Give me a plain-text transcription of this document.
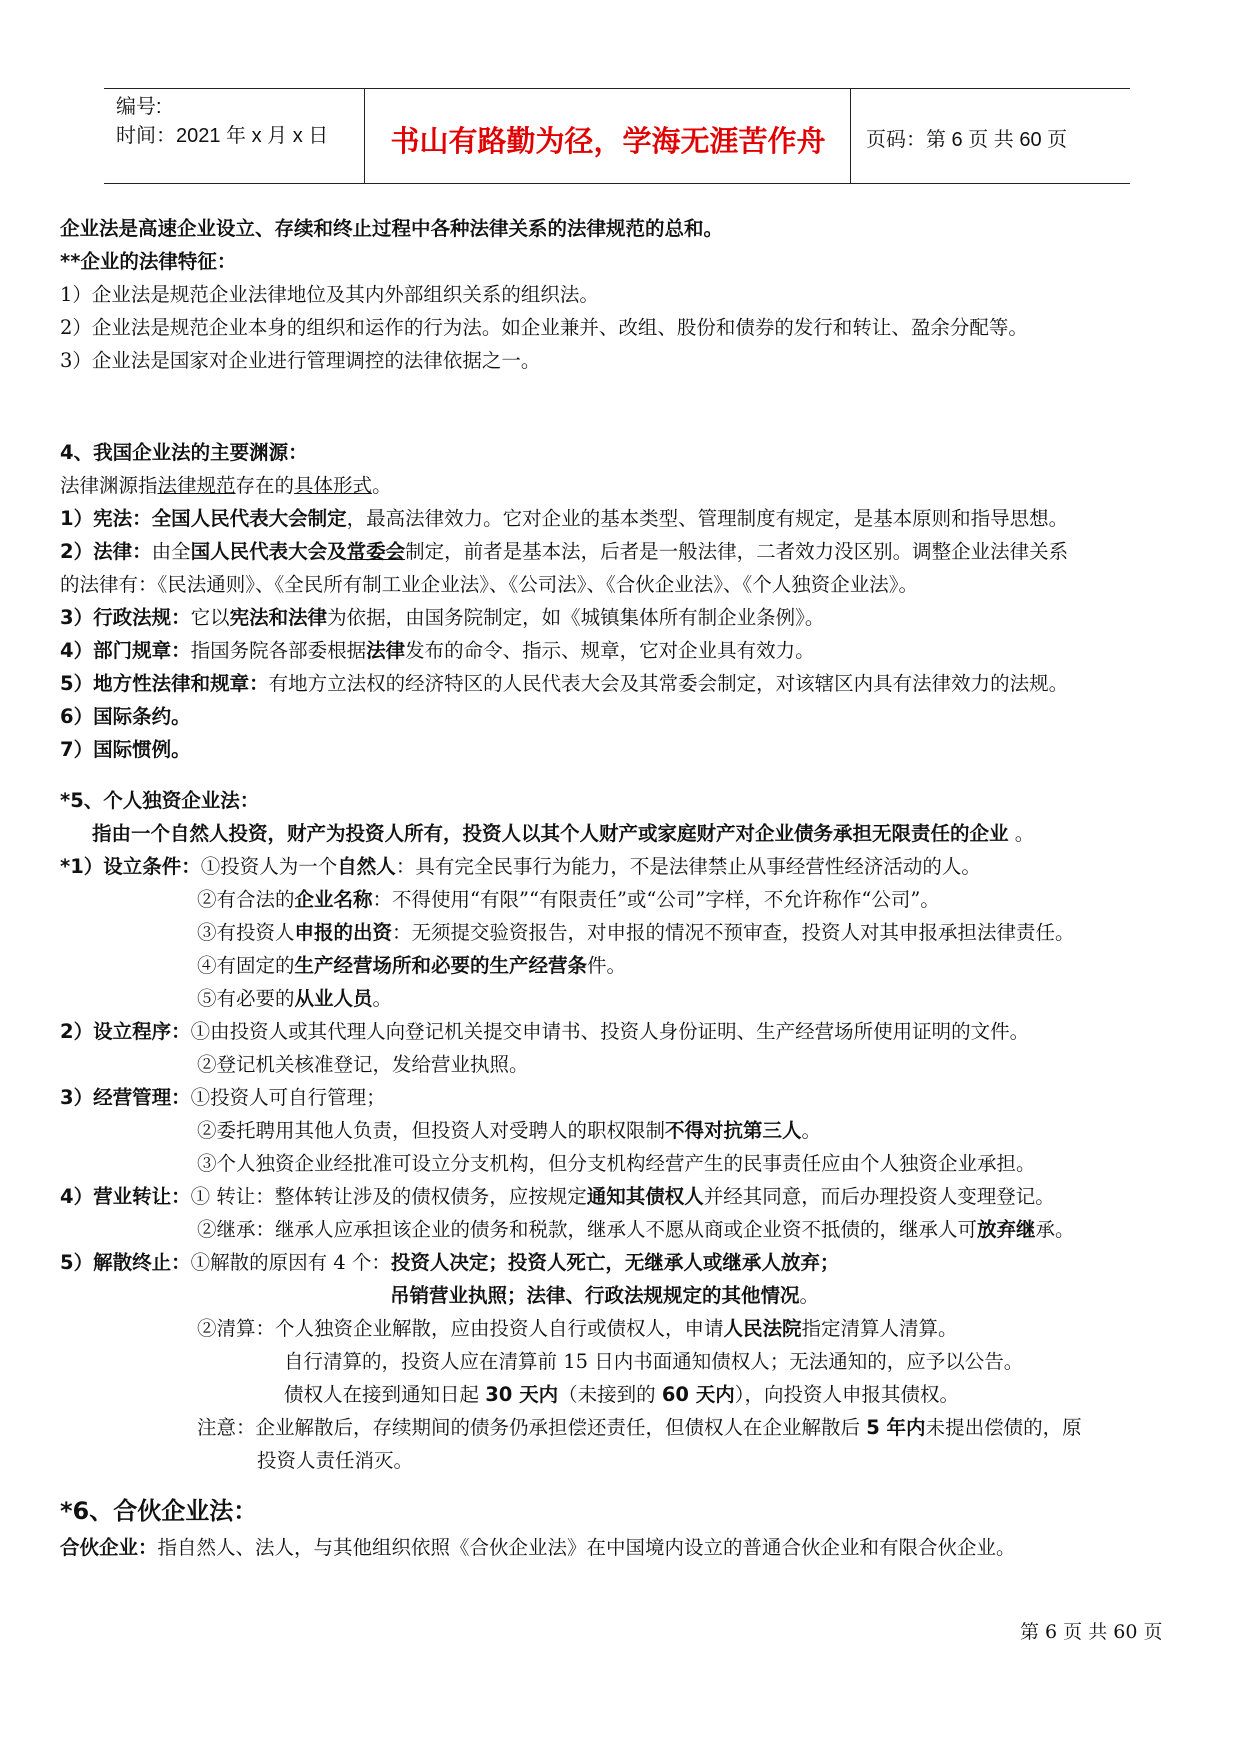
编号:
时间：2021 年 x 月 x 日	书山有路勤为径，学海无涯苦作舟	页码：第 6 页 共 60 页
企业法是高速企业设立、存续和终止过程中各种法律关系的法律规范的总和。
**企业的法律特征：
1）企业法是规范企业法律地位及其内外部组织关系的组织法。
2）企业法是规范企业本身的组织和运作的行为法。如企业兼并、改组、股份和债券的发行和转让、盈余分配等。
3）企业法是国家对企业进行管理调控的法律依据之一。
4、我国企业法的主要渊源：
法律渊源指法律规范存在的具体形式。
1）宪法：全国人民代表大会制定，最高法律效力。它对企业的基本类型、管理制度有规定，是基本原则和指导思想。
2）法律：由全国人民代表大会及常委会制定，前者是基本法，后者是一般法律，二者效力没区别。调整企业法律关系
的法律有：《民法通则》、《全民所有制工业企业法》、《公司法》、《合伙企业法》、《个人独资企业法》。
3）行政法规：它以宪法和法律为依据，由国务院制定，如《城镇集体所有制企业条例》。
4）部门规章：指国务院各部委根据法律发布的命令、指示、规章，它对企业具有效力。
5）地方性法律和规章：有地方立法权的经济特区的人民代表大会及其常委会制定，对该辖区内具有法律效力的法规。
6）国际条约。
7）国际惯例。
*5、个人独资企业法：
指由一个自然人投资，财产为投资人所有，投资人以其个人财产或家庭财产对企业债务承担无限责任的企业 。
*1）设立条件：①投资人为一个自然人：具有完全民事行为能力，不是法律禁止从事经营性经济活动的人。
②有合法的企业名称：不得使用“有限”“有限责任”或“公司”字样，不允许称作“公司”。
③有投资人申报的出资：无须提交验资报告，对申报的情况不预审查，投资人对其申报承担法律责任。
④有固定的生产经营场所和必要的生产经营条件。
⑤有必要的从业人员。
2）设立程序：①由投资人或其代理人向登记机关提交申请书、投资人身份证明、生产经营场所使用证明的文件。
②登记机关核准登记，发给营业执照。
3）经营管理：①投资人可自行管理；
②委托聘用其他人负责，但投资人对受聘人的职权限制不得对抗第三人。
③个人独资企业经批准可设立分支机构，但分支机构经营产生的民事责任应由个人独资企业承担。
4）营业转让：① 转让：整体转让涉及的债权债务，应按规定通知其债权人并经其同意，而后办理投资人变理登记。
②继承：继承人应承担该企业的债务和税款，继承人不愿从商或企业资不抵债的，继承人可放弃继承。
5）解散终止：①解散的原因有 4 个：投资人决定；投资人死亡，无继承人或继承人放弃；
吊销营业执照；法律、行政法规规定的其他情况。
②清算：个人独资企业解散，应由投资人自行或债权人，申请人民法院指定清算人清算。
自行清算的，投资人应在清算前 15 日内书面通知债权人；无法通知的，应予以公告。
债权人在接到通知日起 30 天内（未接到的 60 天内），向投资人申报其债权。
注意：企业解散后，存续期间的债务仍承担偿还责任，但债权人在企业解散后 5 年内未提出偿债的，原
投资人责任消灭。
*6、合伙企业法：
合伙企业：指自然人、法人，与其他组织依照《合伙企业法》在中国境内设立的普通合伙企业和有限合伙企业。
第 6 页 共 60 页
